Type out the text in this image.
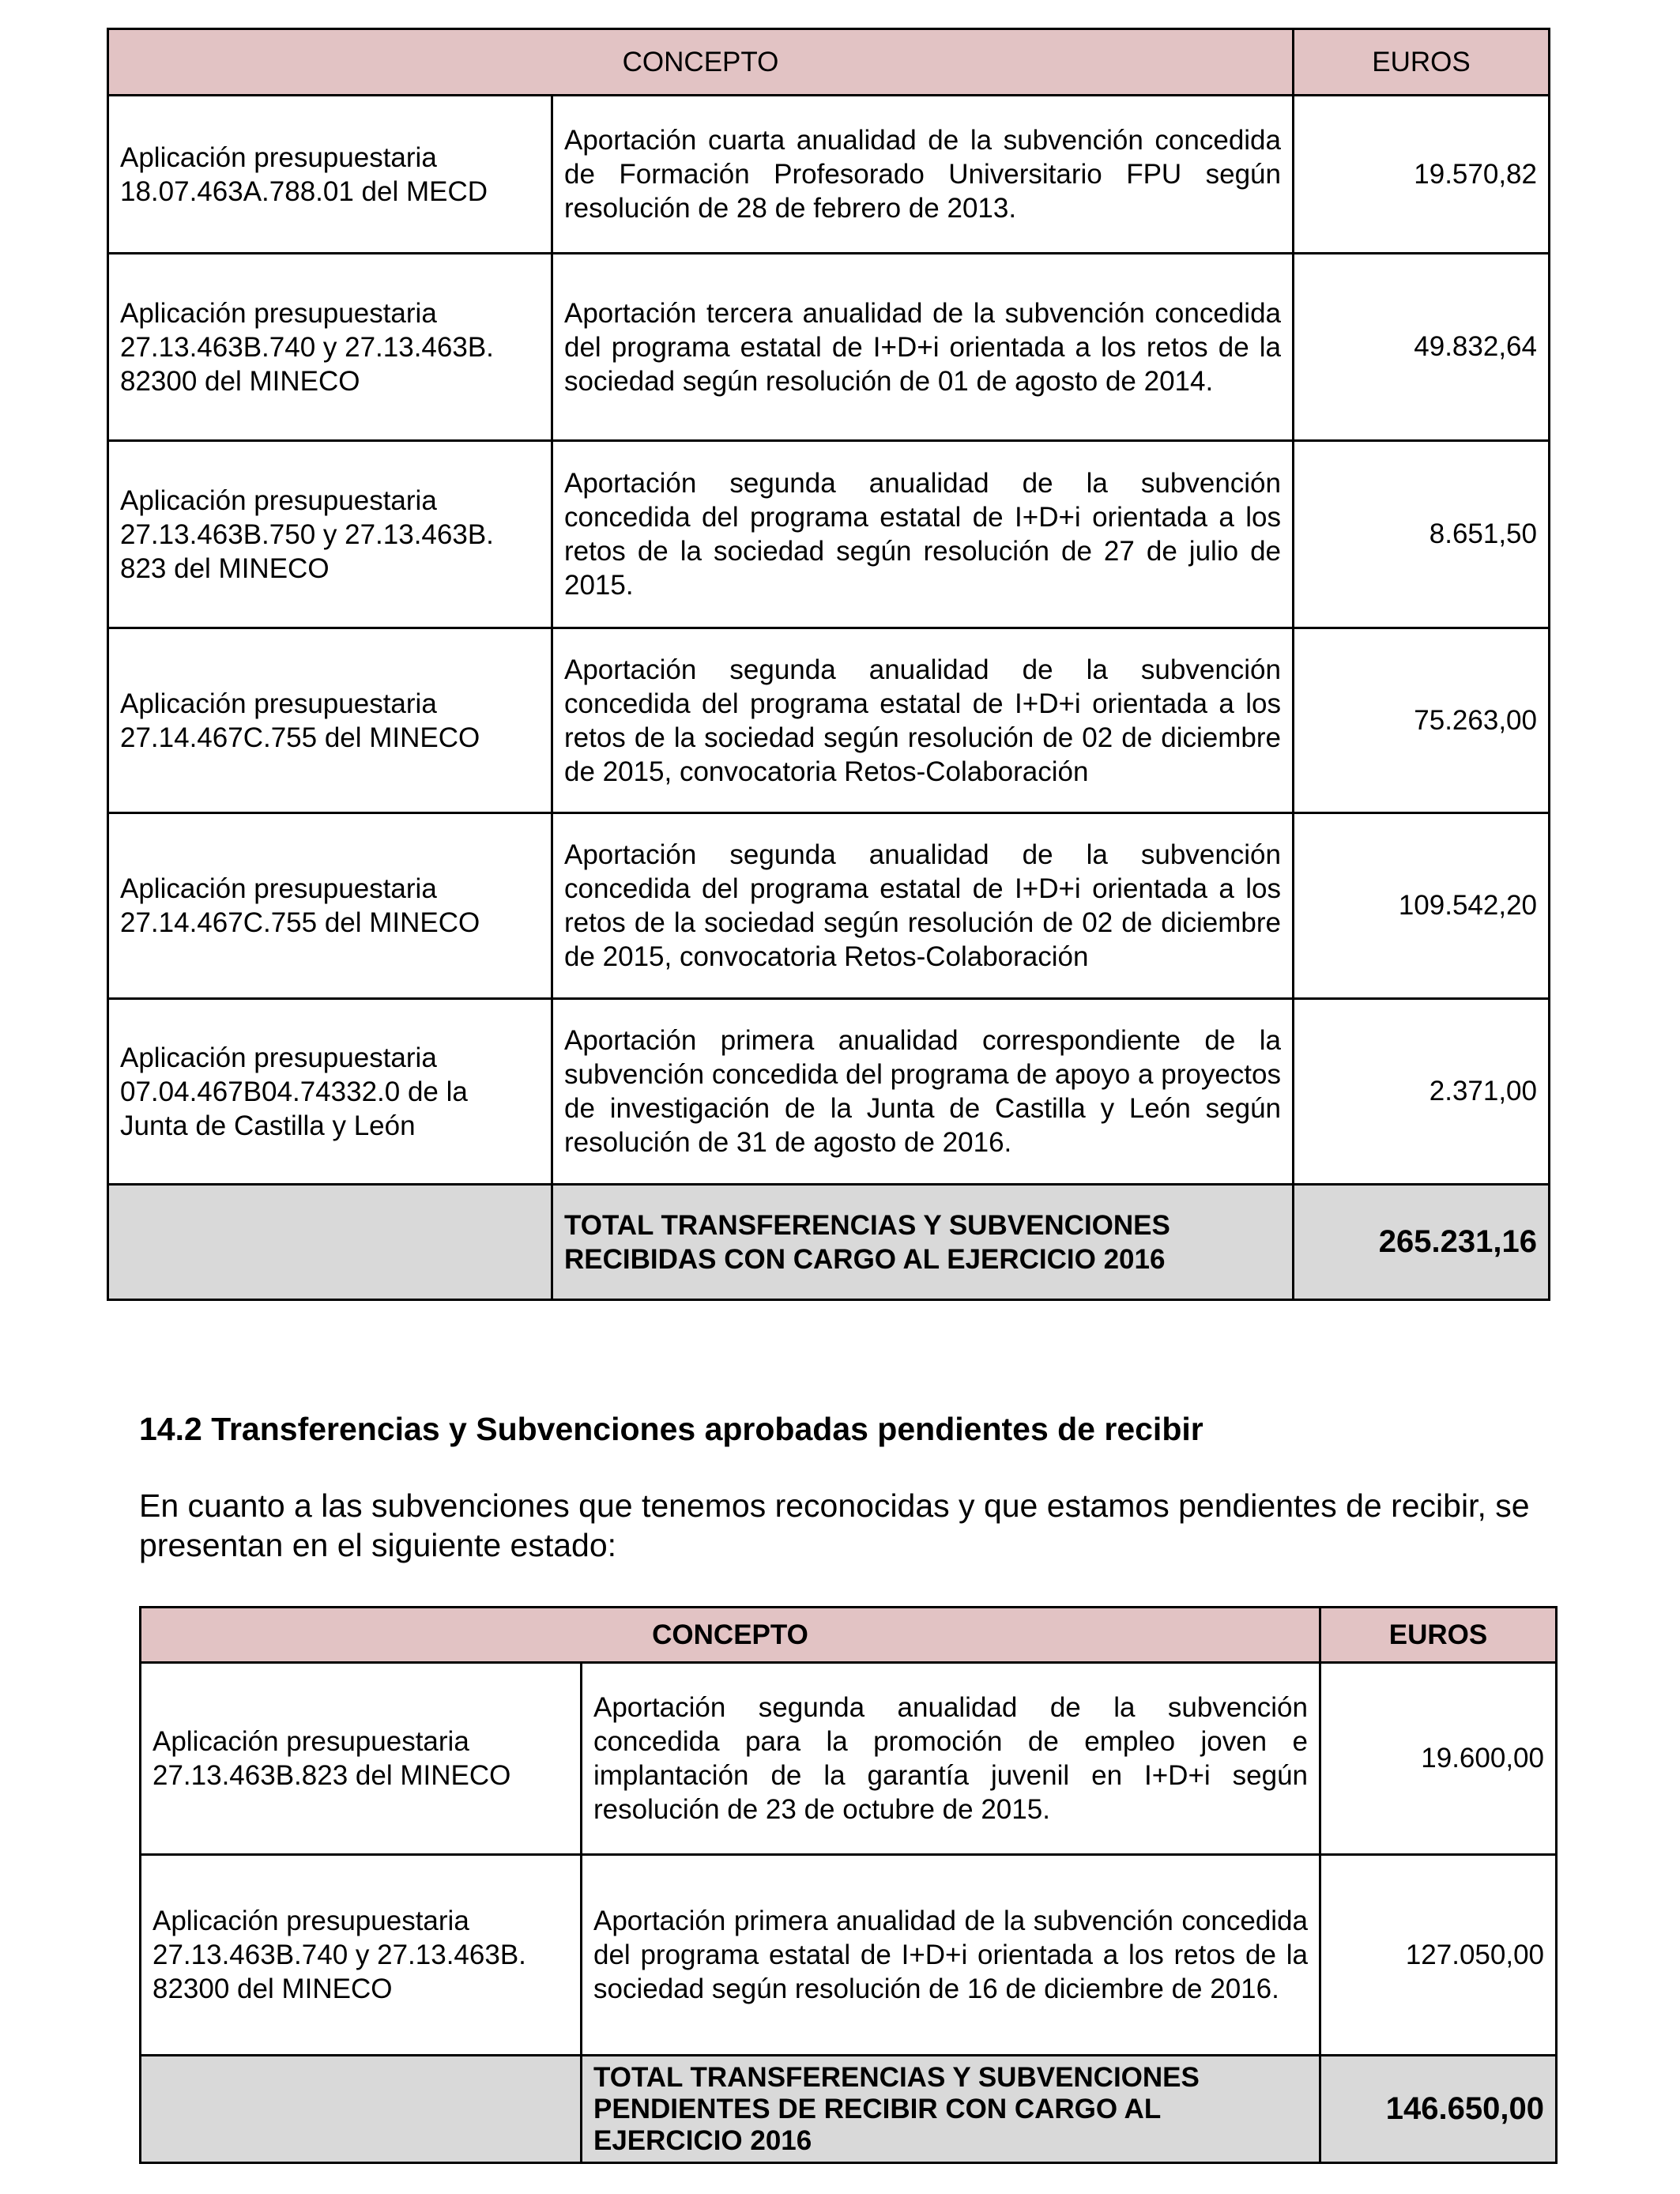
CONCEPTO		EUROS

Aplicación presupuestaria
18.07.463A.788.01 del MECD	Aportación cuarta anualidad de la subvención concedida de Formación Profesorado Universitario FPU según resolución de 28 de febrero de 2013.	19.570,82

Aplicación presupuestaria
27.13.463B.740 y 27.13.463B.
82300 del MINECO	Aportación tercera anualidad de la subvención concedida del programa estatal de I+D+i orientada a los retos de la sociedad según resolución de 01 de agosto de 2014.	49.832,64

Aplicación presupuestaria
27.13.463B.750 y 27.13.463B.
823 del MINECO	Aportación segunda anualidad de la subvención concedida del programa estatal de I+D+i orientada a los retos de la sociedad según resolución de 27 de julio de 2015.	8.651,50

Aplicación presupuestaria
27.14.467C.755 del MINECO	Aportación segunda anualidad de la subvención concedida del programa estatal de I+D+i orientada a los retos de la sociedad según resolución de 02 de diciembre de 2015, convocatoria Retos-Colaboración	75.263,00

Aplicación presupuestaria
27.14.467C.755 del MINECO	Aportación segunda anualidad de la subvención concedida del programa estatal de I+D+i orientada a los retos de la sociedad según resolución de 02 de diciembre de 2015, convocatoria Retos-Colaboración	109.542,20

Aplicación presupuestaria
07.04.467B04.74332.0 de la
Junta de Castilla y León	Aportación primera anualidad correspondiente de la subvención concedida del programa de apoyo a proyectos de investigación de la Junta de Castilla y León según resolución de 31 de agosto de 2016.	2.371,00

	TOTAL TRANSFERENCIAS Y SUBVENCIONES
RECIBIDAS CON CARGO AL EJERCICIO 2016	265.231,16
14.2 Transferencias y Subvenciones aprobadas pendientes de recibir
En cuanto a las subvenciones que tenemos reconocidas y que estamos pendientes de recibir, se presentan en el siguiente estado:
CONCEPTO		EUROS

Aplicación presupuestaria
27.13.463B.823 del MINECO	Aportación segunda anualidad de la subvención concedida para la promoción de empleo joven e implantación de la garantía juvenil en I+D+i según resolución de 23 de octubre de 2015.	19.600,00

Aplicación presupuestaria
27.13.463B.740 y 27.13.463B.
82300 del MINECO	Aportación primera anualidad de la subvención concedida del programa estatal de I+D+i orientada a los retos de la sociedad según resolución de 16 de diciembre de 2016.	127.050,00

	TOTAL TRANSFERENCIAS Y SUBVENCIONES
PENDIENTES DE RECIBIR CON CARGO AL
EJERCICIO 2016	146.650,00
